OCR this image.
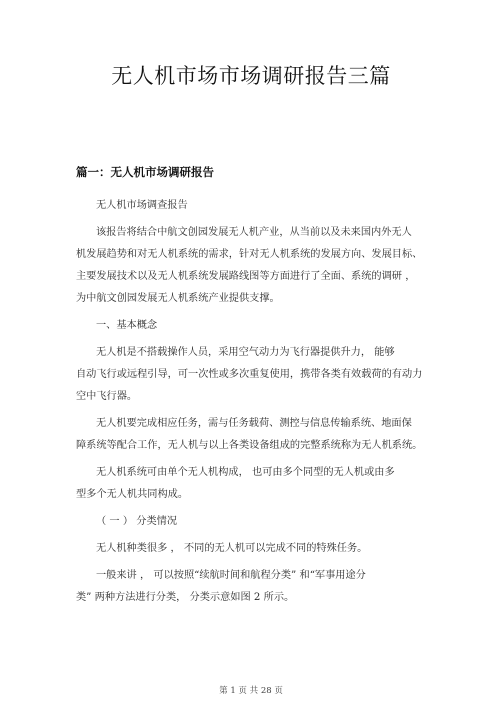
无人机市场市场调研报告三篇
篇一：无人机市场调研报告

无人机市场调查报告

该报告将结合中航文创园发展无人机产业，从当前以及未来国内外无人

机发展趋势和对无人机系统的需求，针对无人机系统的发展方向、发展目标、

主要发展技术以及无人机系统发展路线图等方面进行了全面、系统的调研 ，

为中航文创园发展无人机系统产业提供支撑。

一、基本概念

无人机是不搭载操作人员，采用空气动力为飞行器提供升力， 能够

自动飞行或远程引导，可一次性或多次重复使用，携带各类有效载荷的有动力

空中飞行器。

无人机要完成相应任务，需与任务载荷、测控与信息传输系统、地面保

障系统等配合工作，无人机与以上各类设备组成的完整系统称为无人机系统。

无人机系统可由单个无人机构成， 也可由多个同型的无人机或由多

型多个无人机共同构成。

（ 一 ） 分类情况

无人机种类很多 ， 不同的无人机可以完成不同的特殊任务。

一般来讲 ， 可以按照“续航时间和航程分类” 和“军事用途分

类” 两种方法进行分类， 分类示意如图 2 所示。

第 1 页 共 28 页
